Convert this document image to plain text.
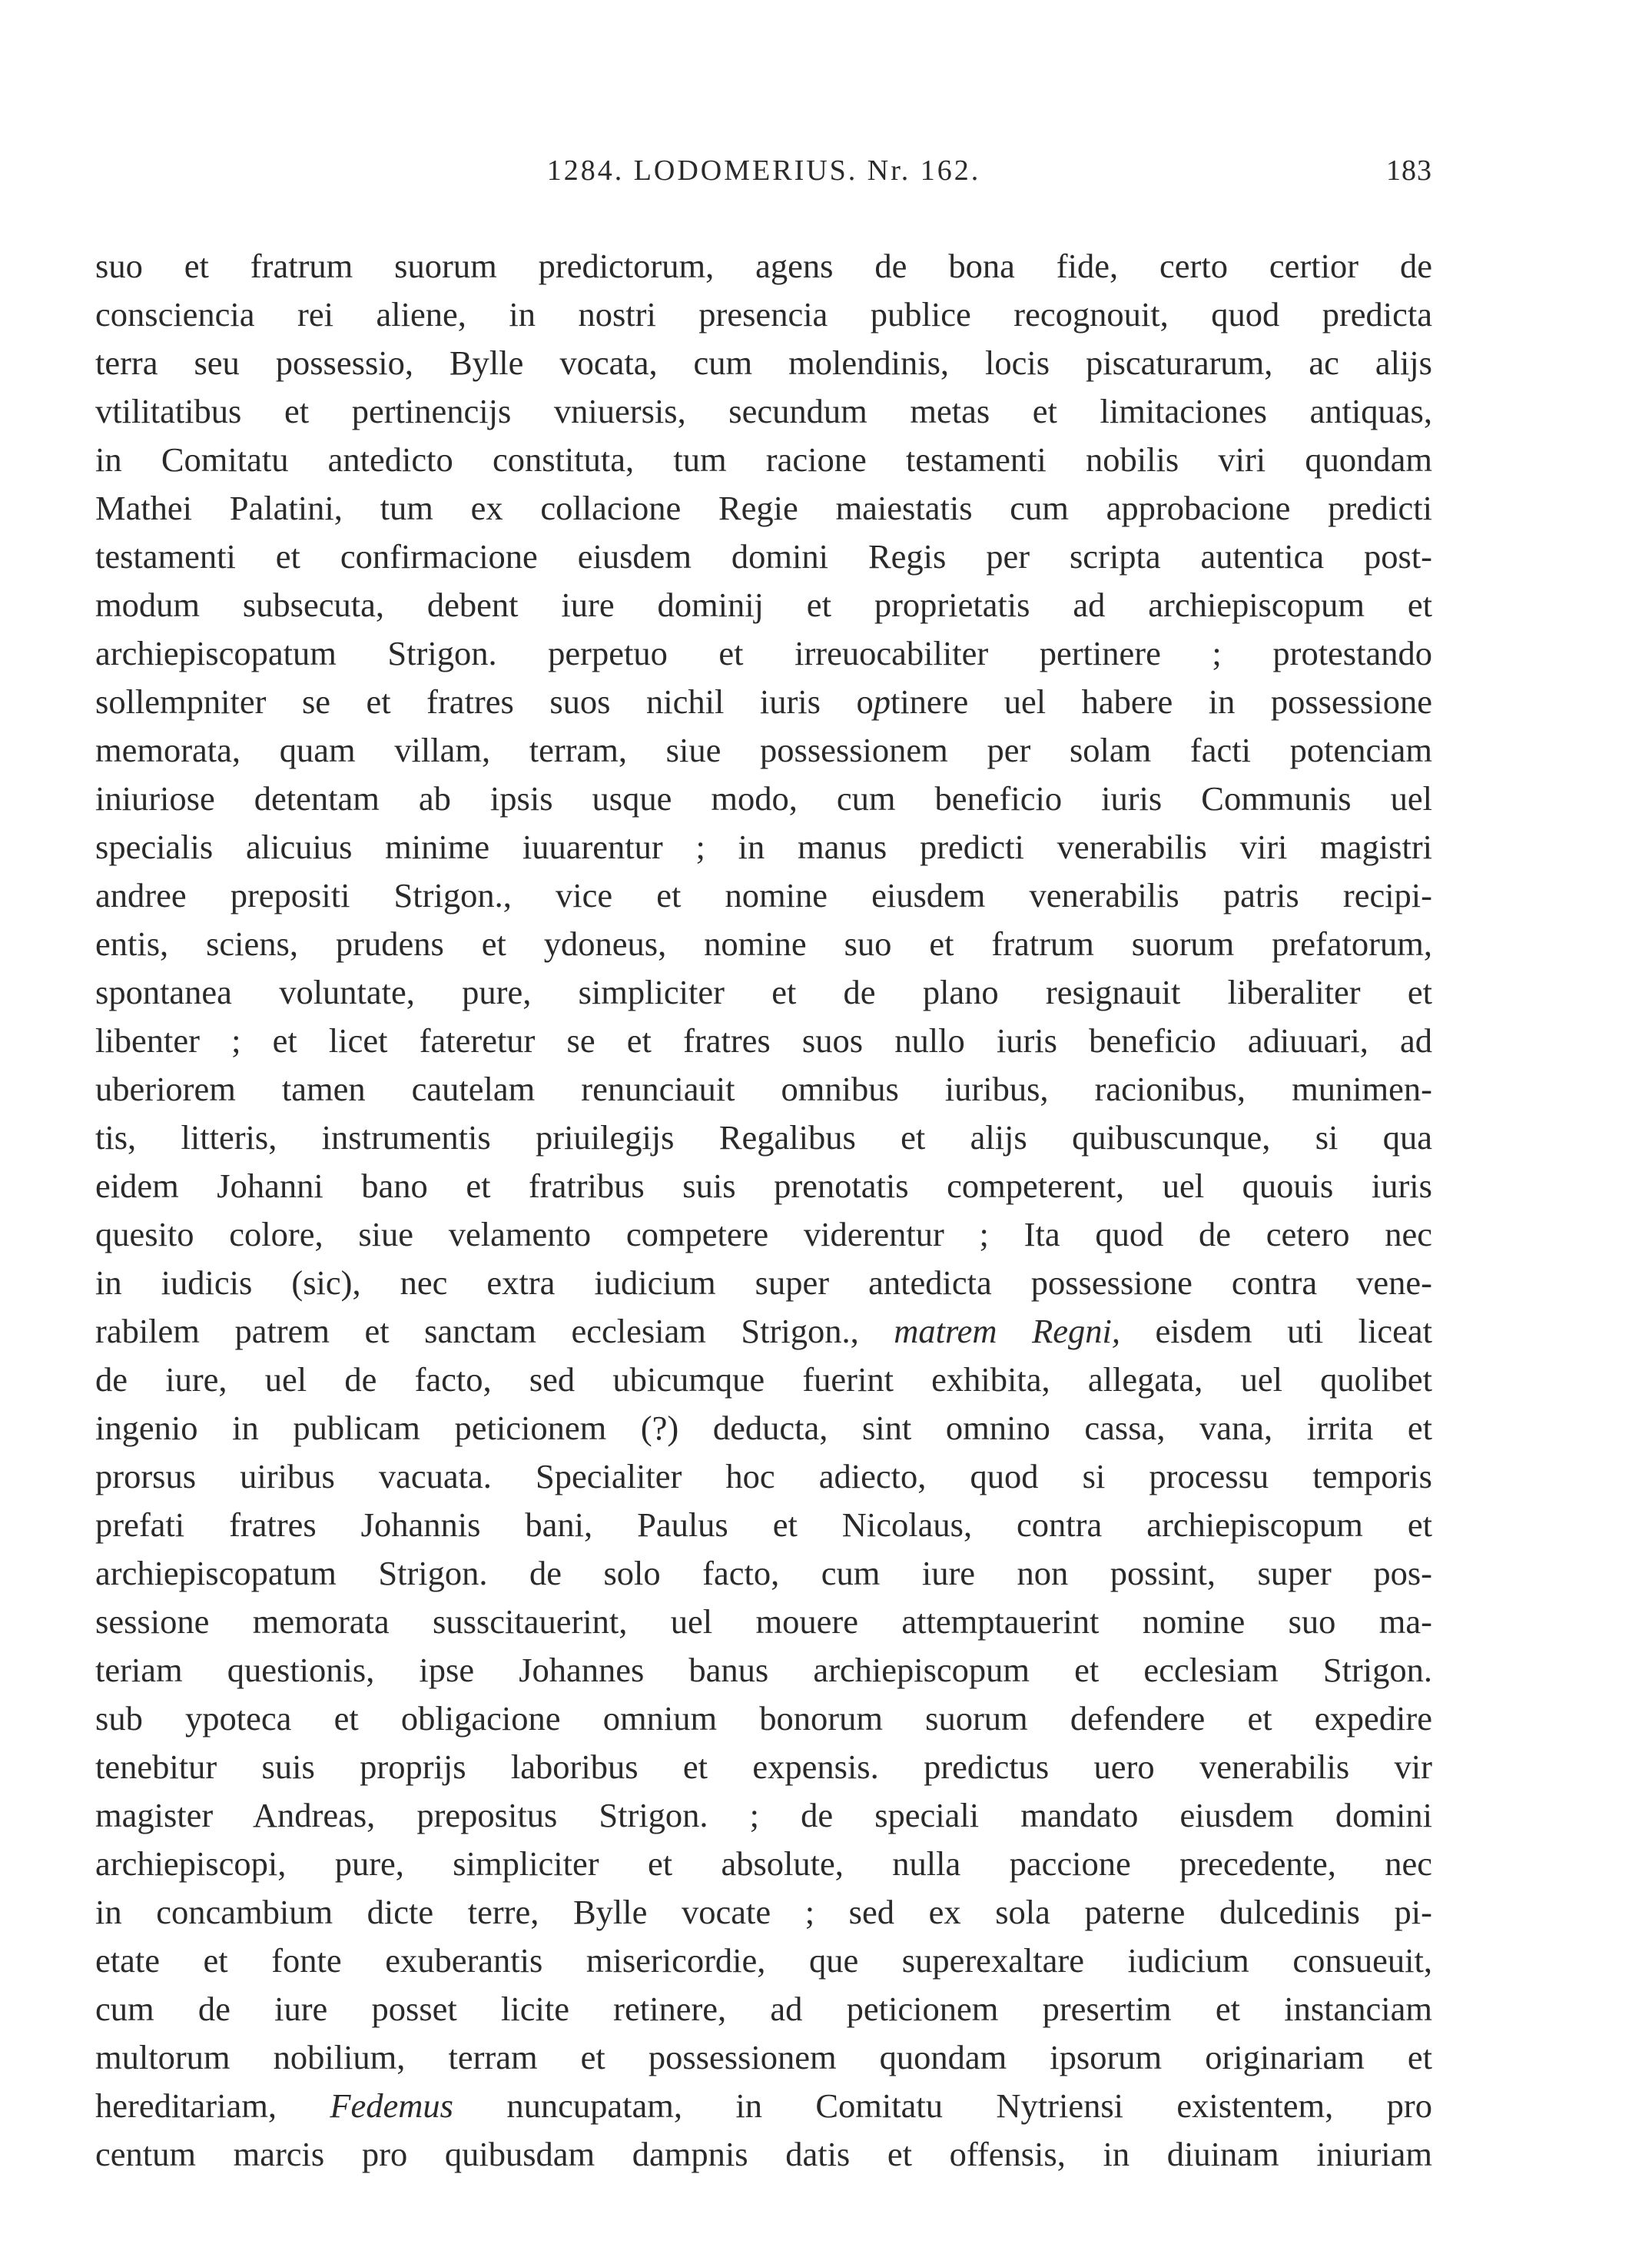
1284. LODOMERIUS. Nr. 162.	183
suo et fratrum suorum predictorum, agens de bona fide, certo certior de
consciencia rei aliene, in nostri presencia publice recognouit, quod predicta
terra seu possessio, Bylle vocata, cum molendinis, locis piscaturarum, ac alijs
vtilitatibus et pertinencijs vniuersis, secundum metas et limitaciones antiquas,
in Comitatu antedicto constituta, tum racione testamenti nobilis viri quondam
Mathei Palatini, tum ex collacione Regie maiestatis cum approbacione predicti
testamenti et confirmacione eiusdem domini Regis per scripta autentica post-
modum subsecuta, debent iure dominij et proprietatis ad archiepiscopum et
archiepiscopatum Strigon. perpetuo et irreuocabiliter pertinere ; protestando
sollempniter se et fratres suos nichil iuris optinere uel habere in possessione
memorata, quam villam, terram, siue possessionem per solam facti potenciam
iniuriose detentam ab ipsis usque modo, cum beneficio iuris Communis uel
specialis alicuius minime iuuarentur ; in manus predicti venerabilis viri magistri
andree prepositi Strigon., vice et nomine eiusdem venerabilis patris recipi-
entis, sciens, prudens et ydoneus, nomine suo et fratrum suorum prefatorum,
spontanea voluntate, pure, simpliciter et de plano resignauit liberaliter et
libenter ; et licet fateretur se et fratres suos nullo iuris beneficio adiuuari, ad
uberiorem tamen cautelam renunciauit omnibus iuribus, racionibus, munimen-
tis, litteris, instrumentis priuilegijs Regalibus et alijs quibuscunque, si qua
eidem Johanni bano et fratribus suis prenotatis competerent, uel quouis iuris
quesito colore, siue velamento competere viderentur ; Ita quod de cetero nec
in iudicis (sic), nec extra iudicium super antedicta possessione contra vene-
rabilem patrem et sanctam ecclesiam Strigon., matrem Regni, eisdem uti liceat
de iure, uel de facto, sed ubicumque fuerint exhibita, allegata, uel quolibet
ingenio in publicam peticionem (?) deducta, sint omnino cassa, vana, irrita et
prorsus uiribus vacuata. Specialiter hoc adiecto, quod si processu temporis
prefati fratres Johannis bani, Paulus et Nicolaus, contra archiepiscopum et
archiepiscopatum Strigon. de solo facto, cum iure non possint, super pos-
sessione memorata susscitauerint, uel mouere attemptauerint nomine suo ma-
teriam questionis, ipse Johannes banus archiepiscopum et ecclesiam Strigon.
sub ypoteca et obligacione omnium bonorum suorum defendere et expedire
tenebitur suis proprijs laboribus et expensis. predictus uero venerabilis vir
magister Andreas, prepositus Strigon. ; de speciali mandato eiusdem domini
archiepiscopi, pure, simpliciter et absolute, nulla paccione precedente, nec
in concambium dicte terre, Bylle vocate ; sed ex sola paterne dulcedinis pi-
etate et fonte exuberantis misericordie, que superexaltare iudicium consueuit,
cum de iure posset licite retinere, ad peticionem presertim et instanciam
multorum nobilium, terram et possessionem quondam ipsorum originariam et
hereditariam, Fedemus nuncupatam, in Comitatu Nytriensi existentem, pro
centum marcis pro quibusdam dampnis datis et offensis, in diuinam iniuriam
